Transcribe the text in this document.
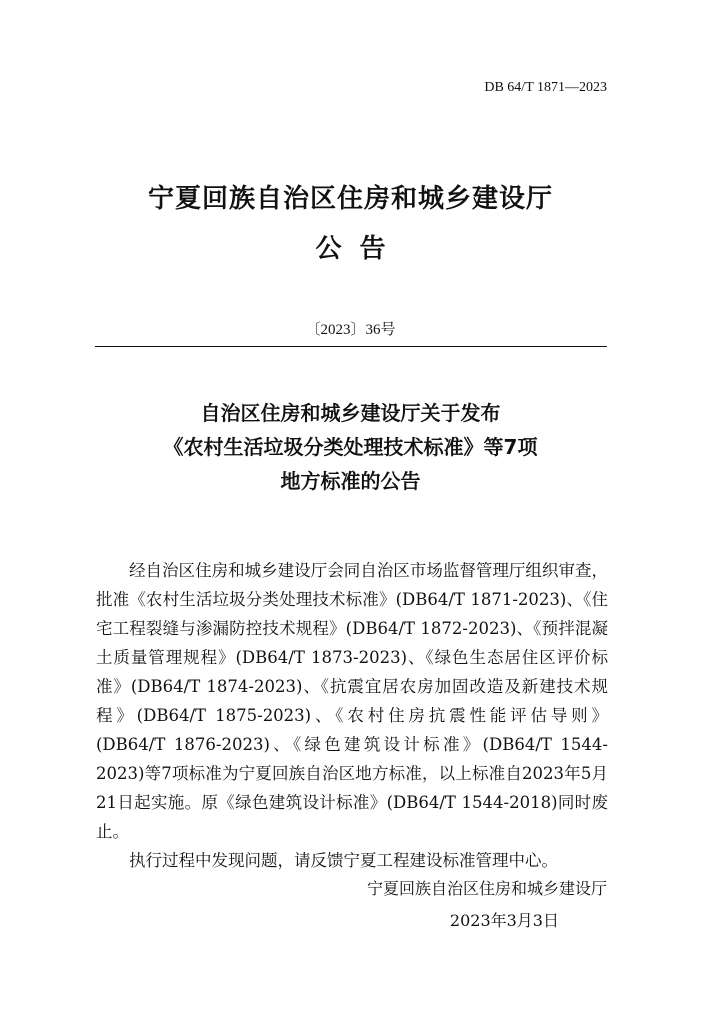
DB 64/T 1871—2023
宁夏回族自治区住房和城乡建设厅
公告
〔2023〕36号
自治区住房和城乡建设厅关于发布
《农村生活垃圾分类处理技术标准》等7项
地方标准的公告

经自治区住房和城乡建设厅会同自治区市场监督管理厅组织审查，批准《农村生活垃圾分类处理技术标准》(DB64/T 1871-2023)、《住宅工程裂缝与渗漏防控技术规程》(DB64/T 1872-2023)、《预拌混凝土质量管理规程》(DB64/T 1873-2023)、《绿色生态居住区评价标准》(DB64/T 1874-2023)、《抗震宜居农房加固改造及新建技术规程》(DB64/T 1875-2023)、《农村住房抗震性能评估导则》(DB64/T 1876-2023)、《绿色建筑设计标准》(DB64/T 1544-2023)等7项标准为宁夏回族自治区地方标准，以上标准自2023年5月21日起实施。原《绿色建筑设计标准》(DB64/T 1544-2018)同时废止。

执行过程中发现问题，请反馈宁夏工程建设标准管理中心。

宁夏回族自治区住房和城乡建设厅
2023年3月3日
